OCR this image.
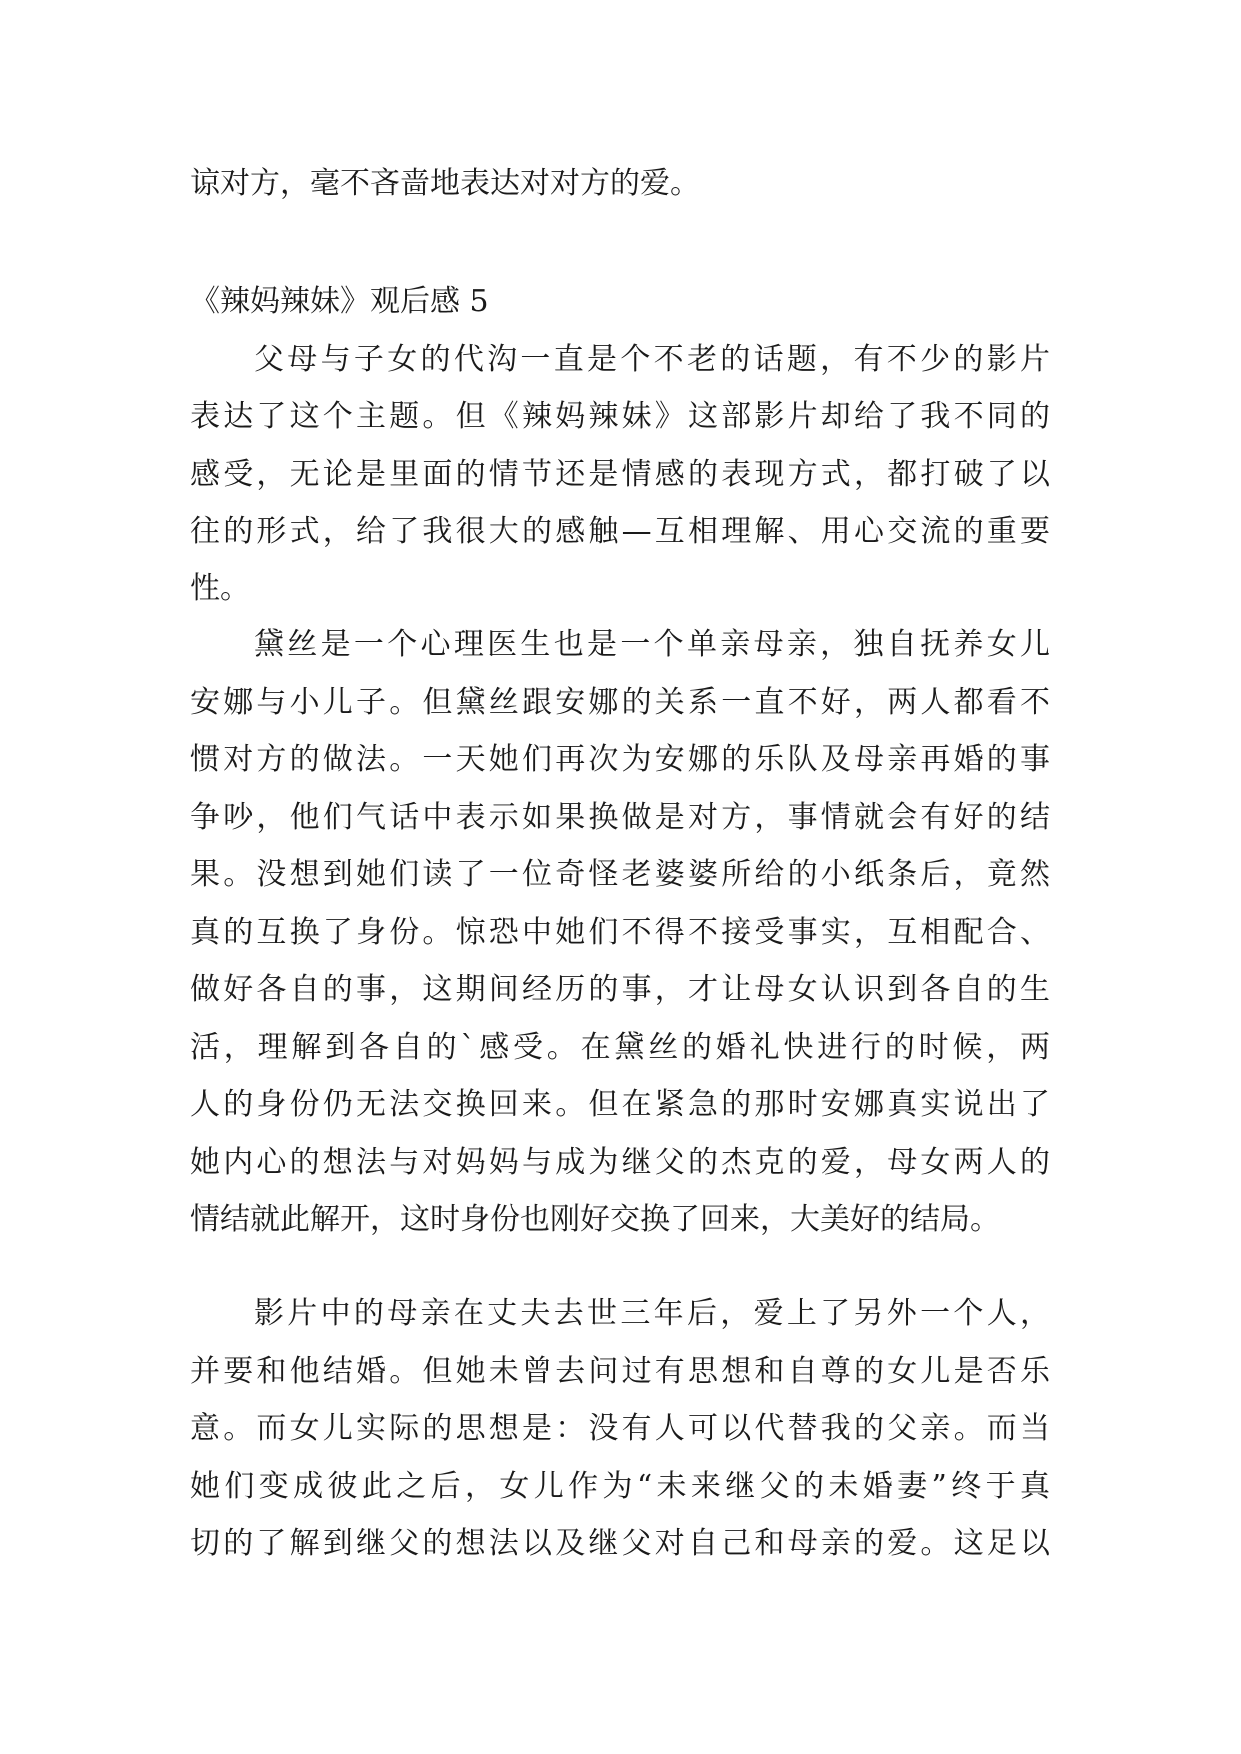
谅对方，毫不吝啬地表达对对方的爱。
《辣妈辣妹》观后感 5
父母与子女的代沟一直是个不老的话题，有不少的影片
表达了这个主题。但《辣妈辣妹》这部影片却给了我不同的
感受，无论是里面的情节还是情感的表现方式，都打破了以
往的形式，给了我很大的感触—互相理解、用心交流的重要
性。
黛丝是一个心理医生也是一个单亲母亲，独自抚养女儿
安娜与小儿子。但黛丝跟安娜的关系一直不好，两人都看不
惯对方的做法。一天她们再次为安娜的乐队及母亲再婚的事
争吵，他们气话中表示如果换做是对方，事情就会有好的结
果。没想到她们读了一位奇怪老婆婆所给的小纸条后，竟然
真的互换了身份。惊恐中她们不得不接受事实，互相配合、
做好各自的事，这期间经历的事，才让母女认识到各自的生
活，理解到各自的`感受。在黛丝的婚礼快进行的时候，两
人的身份仍无法交换回来。但在紧急的那时安娜真实说出了
她内心的想法与对妈妈与成为继父的杰克的爱，母女两人的
情结就此解开，这时身份也刚好交换了回来，大美好的结局。
影片中的母亲在丈夫去世三年后，爱上了另外一个人，
并要和他结婚。但她未曾去问过有思想和自尊的女儿是否乐
意。而女儿实际的思想是：没有人可以代替我的父亲。而当
她们变成彼此之后，女儿作为“未来继父的未婚妻”终于真
切的了解到继父的想法以及继父对自己和母亲的爱。这足以
